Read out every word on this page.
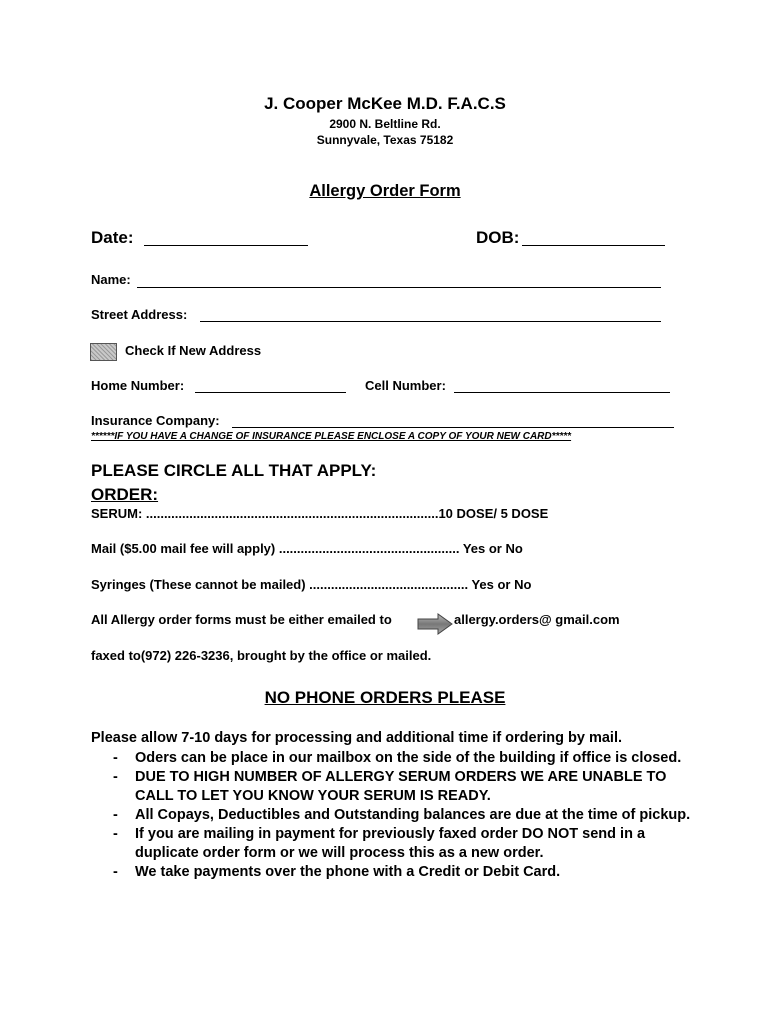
J. Cooper McKee M.D. F.A.C.S
2900 N. Beltline Rd.
Sunnyvale, Texas 75182
Allergy Order Form
Date:	DOB:
Name:
Street Address:
Check If New Address
Home Number:	Cell Number:
Insurance Company:
******IF YOU HAVE A CHANGE OF INSURANCE PLEASE ENCLOSE A COPY OF YOUR NEW CARD*****
PLEASE CIRCLE ALL THAT APPLY:
ORDER:
SERUM: .................................................................................10 DOSE/ 5 DOSE
Mail ($5.00 mail fee will apply) .................................................. Yes or No
Syringes (These cannot be mailed) ............................................ Yes or No
All Allergy order forms must be either emailed to	allergy.orders@ gmail.com
faxed to(972) 226-3236, brought by the office or mailed.
NO PHONE ORDERS PLEASE
Please allow 7-10 days for processing and additional time if ordering by mail.
- Oders can be place in our mailbox on the side of the building if office is closed.
- DUE TO HIGH NUMBER OF ALLERGY SERUM ORDERS WE ARE UNABLE TO CALL TO LET YOU KNOW YOUR SERUM IS READY.
- All Copays, Deductibles and Outstanding balances are due at the time of pickup.
- If you are mailing in payment for previously faxed order DO NOT send in a duplicate order form or we will process this as a new order.
- We take payments over the phone with a Credit or Debit Card.
